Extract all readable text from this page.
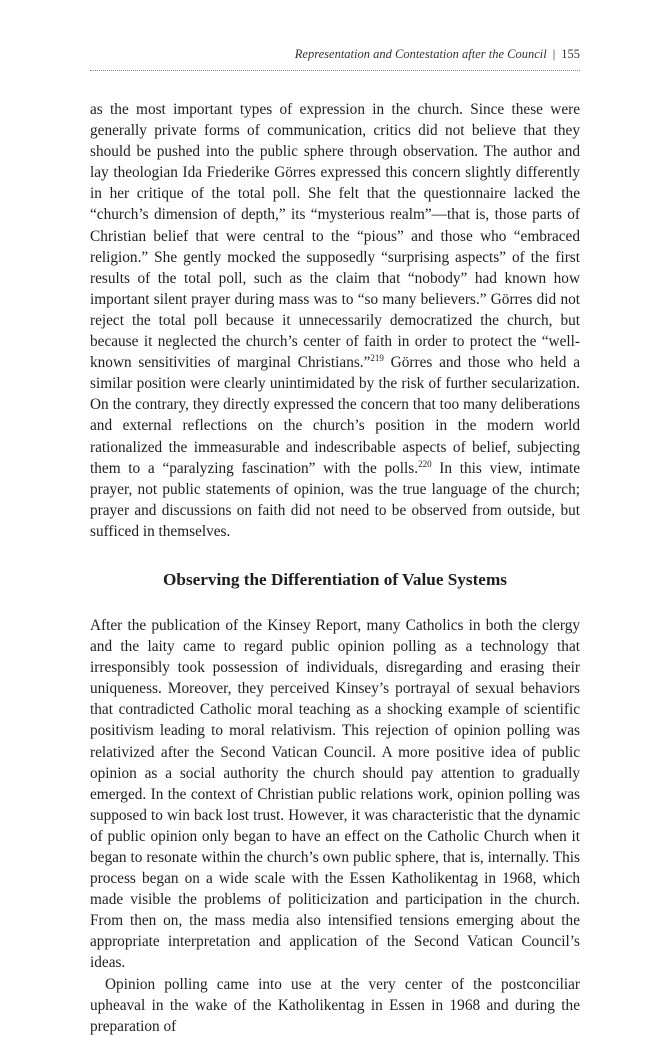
Representation and Contestation after the Council | 155

as the most important types of expression in the church. Since these were generally private forms of communication, critics did not believe that they should be pushed into the public sphere through observation. The author and lay theologian Ida Friederike Görres expressed this concern slightly differently in her critique of the total poll. She felt that the questionnaire lacked the “church’s dimension of depth,” its “mysterious realm”—that is, those parts of Christian belief that were central to the “pious” and those who “embraced religion.” She gently mocked the supposedly “surprising aspects” of the first results of the total poll, such as the claim that “nobody” had known how important silent prayer during mass was to “so many believers.” Görres did not reject the total poll because it unnecessarily democratized the church, but because it neglected the church’s center of faith in order to protect the “well-known sensitivities of marginal Christians.”$^{219}$ Görres and those who held a similar position were clearly unintimidated by the risk of further secularization. On the contrary, they directly expressed the concern that too many deliberations and external reflections on the church’s position in the modern world rationalized the immeasurable and indescribable aspects of belief, subjecting them to a “paralyzing fascination” with the polls.$^{220}$ In this view, intimate prayer, not public statements of opinion, was the true language of the church; prayer and discussions on faith did not need to be observed from outside, but sufficed in themselves.

Observing the Differentiation of Value Systems

After the publication of the Kinsey Report, many Catholics in both the clergy and the laity came to regard public opinion polling as a technology that irresponsibly took possession of individuals, disregarding and erasing their uniqueness. Moreover, they perceived Kinsey’s portrayal of sexual behaviors that contradicted Catholic moral teaching as a shocking example of scientific positivism leading to moral relativism. This rejection of opinion polling was relativized after the Second Vatican Council. A more positive idea of public opinion as a social authority the church should pay attention to gradually emerged. In the context of Christian public relations work, opinion polling was supposed to win back lost trust. However, it was characteristic that the dynamic of public opinion only began to have an effect on the Catholic Church when it began to resonate within the church’s own public sphere, that is, internally. This process began on a wide scale with the Essen Katholikentag in 1968, which made visible the problems of politicization and participation in the church. From then on, the mass media also intensified tensions emerging about the appropriate interpretation and application of the Second Vatican Council’s ideas.

Opinion polling came into use at the very center of the postconciliar upheaval in the wake of the Katholikentag in Essen in 1968 and during the preparation of
